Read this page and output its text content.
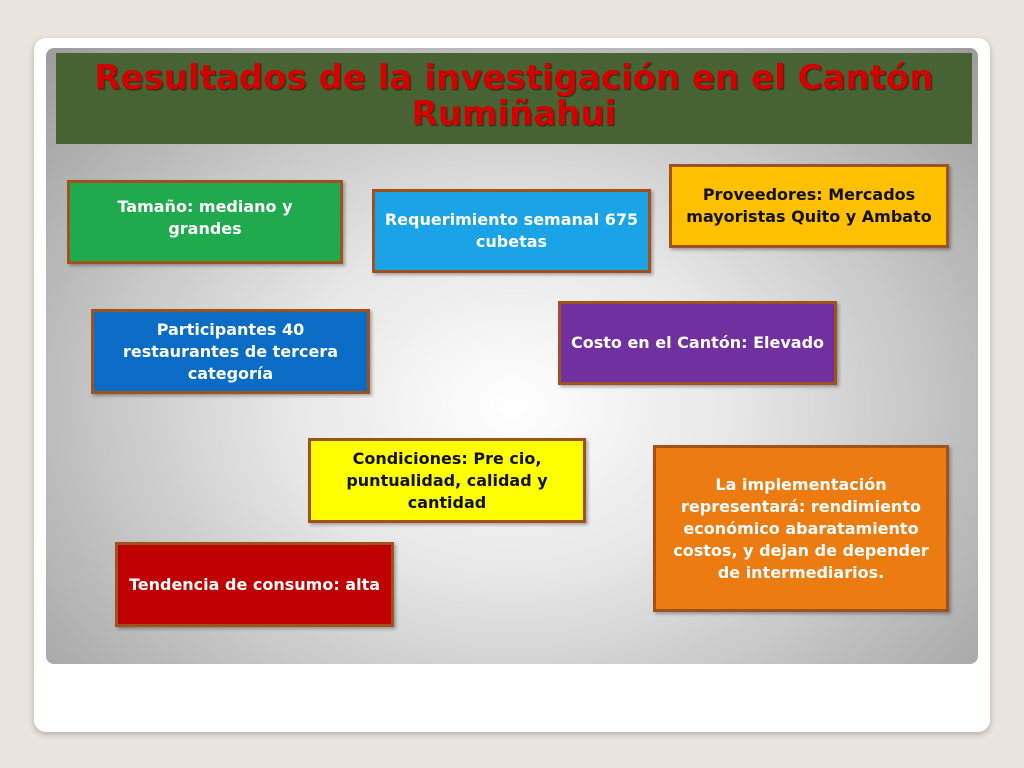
Resultados de la investigación en el Cantón Rumiñahui
Tamaño: mediano y grandes	Requerimiento semanal 675 cubetas
Proveedores: Mercados mayoristas Quito y Ambato
Participantes 40 restaurantes de tercera categoría
Costo en el Cantón: Elevado
Condiciones: Pre cio, puntualidad, calidad y cantidad
La implementación representará: rendimiento económico abaratamiento costos, y dejan de depender de intermediarios.
Tendencia de consumo: alta
